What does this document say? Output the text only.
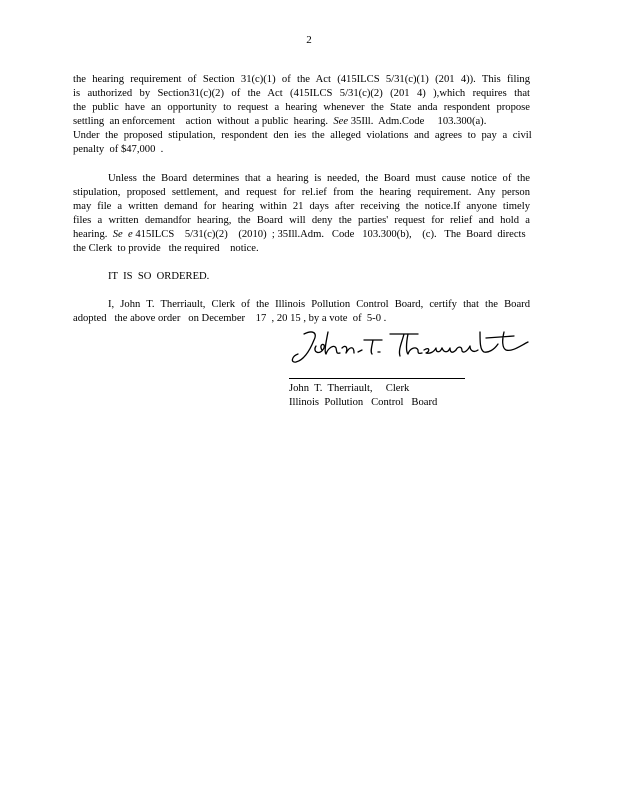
2

the hearing requirement of Section 31(c)(1) of the Act (415ILCS 5/31(c)(1) (201 4)). This filing

is authorized by Section31(c)(2) of the Act (415ILCS 5/31(c)(2) (201 4) ),which requires that

the public have an opportunity to request a hearing whenever the State anda respondent propose

settling  an enforcement    action  without  a public  hearing. See 35Ill.  Adm.Code     103.300(a).

Under the proposed stipulation, respondent den ies the alleged violations and agrees to pay a civil

penalty  of $47,000  .

Unless the Board determines that a hearing is needed, the Board must cause notice of the

stipulation, proposed settlement, and request for rel.ief from the hearing requirement. Any person

may file a written demand for hearing within 21 days after receiving the notice.If anyone timely

files a written demandfor hearing, the Board will deny the parties' request for relief and hold a

hearing. Se  e 415ILCS    5/31(c)(2)    (2010)  ; 35Ill.Adm.   Code   103.300(b),    (c).   The  Board  directs

the Clerk  to provide   the required    notice.

IT  IS  SO  ORDERED.

I, John T. Therriault, Clerk of the Illinois Pollution Control Board, certify that the Board

adopted   the above order   on December    17  , 20 15 , by a vote  of  5-0 .

John  T.  Therriault,     Clerk

Illinois  Pollution   Control   Board
